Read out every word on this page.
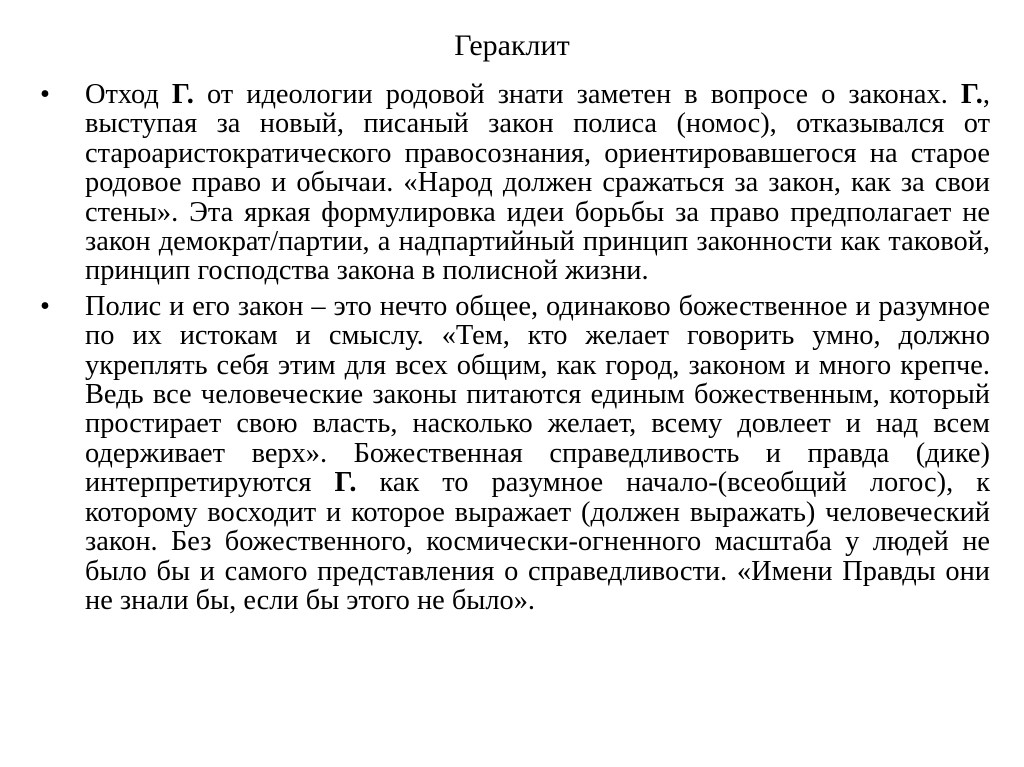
Гераклит
• Отход Г. от идеологии родовой знати заметен в вопросе о законах. Г., выступая за новый, писаный закон полиса (номос), отказывался от староаристократического правосознания, ориентировавшегося на старое родовое право и обычаи. «Народ должен сражаться за закон, как за свои стены». Эта яркая формулировка идеи борьбы за право предполагает не закон демократ/партии, а надпартийный принцип законности как таковой, принцип господства закона в полисной жизни.
• Полис и его закон – это нечто общее, одинаково божественное и разумное по их истокам и смыслу. «Тем, кто желает говорить умно, должно укреплять себя этим для всех общим, как город, законом и много крепче. Ведь все человеческие законы питаются единым божественным, который простирает свою власть, насколько желает, всему довлеет и над всем одерживает верх». Божественная справедливость и правда (дике) интерпретируются Г. как то разумное начало-(всеобщий логос), к которому восходит и которое выражает (должен выражать) человеческий закон. Без божественного, космически-огненного масштаба у людей не было бы и самого представления о справедливости. «Имени Правды они не знали бы, если бы этого не было».
